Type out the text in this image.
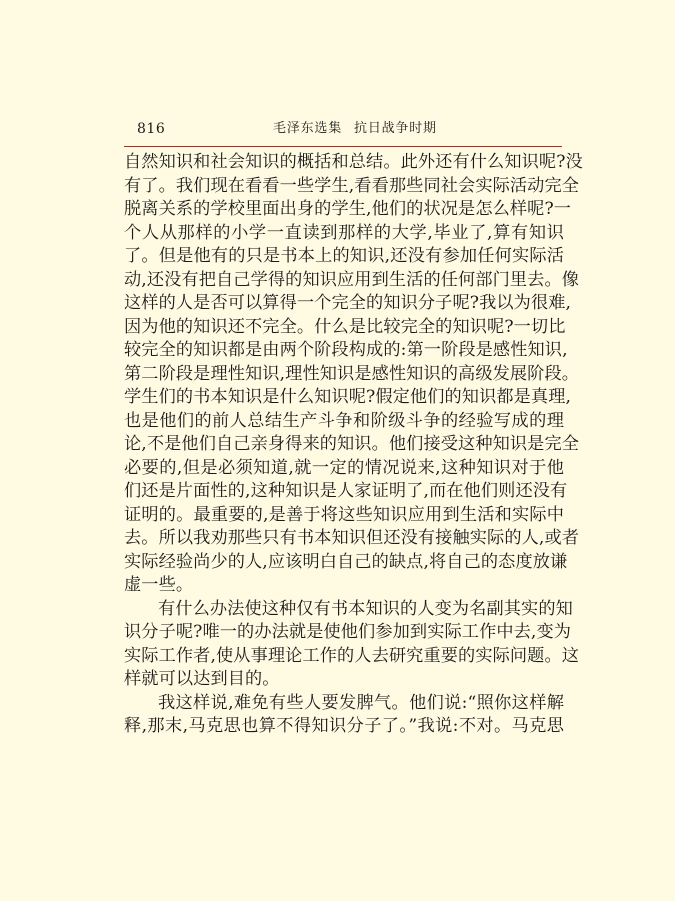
816	毛泽东选集 抗日战争时期
自然知识和社会知识的概括和总结。此外还有什么知识呢?没
有了。我们现在看看一些学生,看看那些同社会实际活动完全
脱离关系的学校里面出身的学生,他们的状况是怎么样呢?一
个人从那样的小学一直读到那样的大学,毕业了,算有知识
了。但是他有的只是书本上的知识,还没有参加任何实际活
动,还没有把自己学得的知识应用到生活的任何部门里去。像
这样的人是否可以算得一个完全的知识分子呢?我以为很难,
因为他的知识还不完全。什么是比较完全的知识呢?一切比
较完全的知识都是由两个阶段构成的:第一阶段是感性知识,
第二阶段是理性知识,理性知识是感性知识的高级发展阶段。
学生们的书本知识是什么知识呢?假定他们的知识都是真理,
也是他们的前人总结生产斗争和阶级斗争的经验写成的理
论,不是他们自己亲身得来的知识。他们接受这种知识是完全
必要的,但是必须知道,就一定的情况说来,这种知识对于他
们还是片面性的,这种知识是人家证明了,而在他们则还没有
证明的。最重要的,是善于将这些知识应用到生活和实际中
去。所以我劝那些只有书本知识但还没有接触实际的人,或者
实际经验尚少的人,应该明白自己的缺点,将自己的态度放谦
虚一些。
有什么办法使这种仅有书本知识的人变为名副其实的知
识分子呢?唯一的办法就是使他们参加到实际工作中去,变为
实际工作者,使从事理论工作的人去研究重要的实际问题。这
样就可以达到目的。
我这样说,难免有些人要发脾气。他们说:“照你这样解
释,那末,马克思也算不得知识分子了。”我说:不对。马克思
